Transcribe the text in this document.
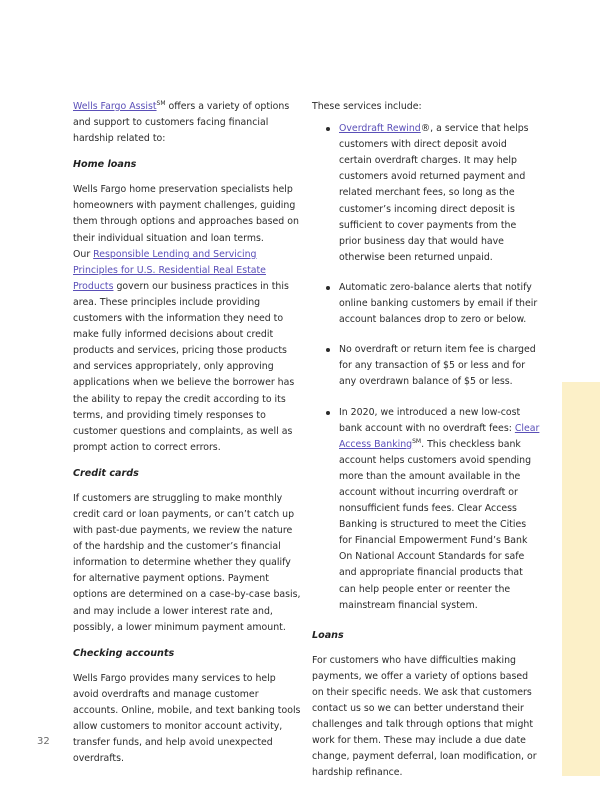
Wells Fargo Assist℠ offers a variety of options and support to customers facing financial hardship related to:

Home loans

Wells Fargo home preservation specialists help homeowners with payment challenges, guiding them through options and approaches based on their individual situation and loan terms.

Our Responsible Lending and Servicing Principles for U.S. Residential Real Estate Products govern our business practices in this area. These principles include providing customers with the information they need to make fully informed decisions about credit products and services, pricing those products and services appropriately, only approving applications when we believe the borrower has the ability to repay the credit according to its terms, and providing timely responses to customer questions and complaints, as well as prompt action to correct errors.

Credit cards

If customers are struggling to make monthly credit card or loan payments, or can’t catch up with past-due payments, we review the nature of the hardship and the customer’s financial information to determine whether they qualify for alternative payment options. Payment options are determined on a case-by-case basis, and may include a lower interest rate and, possibly, a lower minimum payment amount.

Checking accounts

Wells Fargo provides many services to help avoid overdrafts and manage customer accounts. Online, mobile, and text banking tools allow customers to monitor account activity, transfer funds, and help avoid unexpected overdrafts.

These services include:

Overdraft Rewind®, a service that helps customers with direct deposit avoid certain overdraft charges. It may help customers avoid returned payment and related merchant fees, so long as the customer’s incoming direct deposit is sufficient to cover payments from the prior business day that would have otherwise been returned unpaid.
Automatic zero-balance alerts that notify online banking customers by email if their account balances drop to zero or below.
No overdraft or return item fee is charged for any transaction of $5 or less and for any overdrawn balance of $5 or less.
In 2020, we introduced a new low-cost bank account with no overdraft fees: Clear Access Banking℠. This checkless bank account helps customers avoid spending more than the amount available in the account without incurring overdraft or nonsufficient funds fees. Clear Access Banking is structured to meet the Cities for Financial Empowerment Fund’s Bank On National Account Standards for safe and appropriate financial products that can help people enter or reenter the mainstream financial system.
Loans

For customers who have difficulties making payments, we offer a variety of options based on their specific needs. We ask that customers contact us so we can better understand their challenges and talk through options that might work for them. These may include a due date change, payment deferral, loan modification, or hardship refinance.

32
